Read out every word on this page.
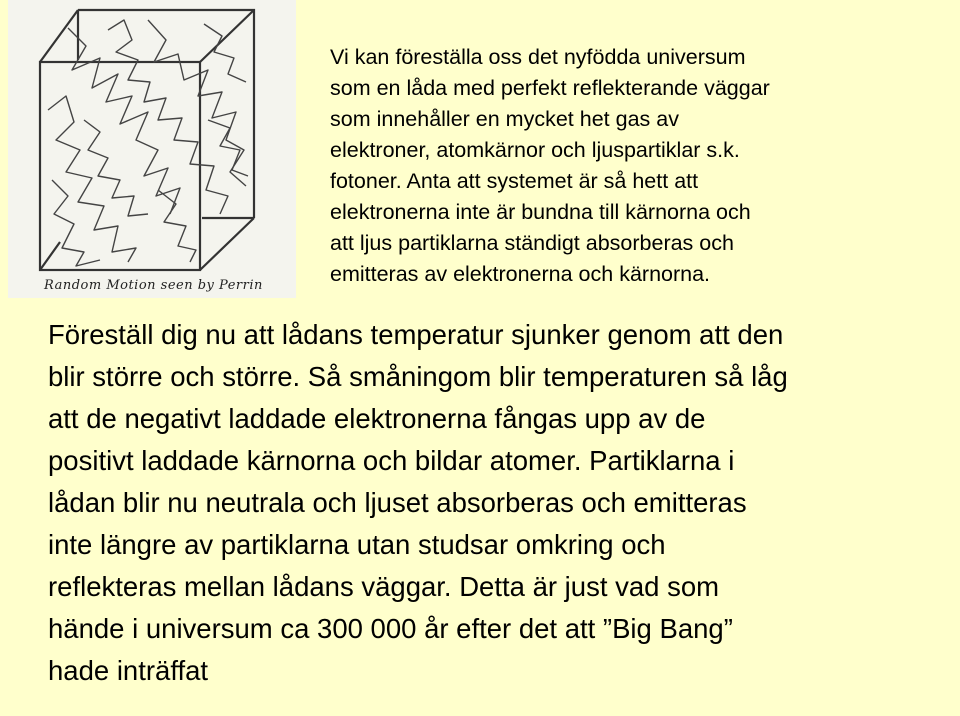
Random Motion seen by Perrin

Vi kan föreställa oss det nyfödda universum
som en låda med perfekt reflekterande väggar
som innehåller en mycket het gas av
elektroner, atomkärnor och ljuspartiklar s.k.
fotoner. Anta att systemet är så hett att
elektronerna inte är bundna till kärnorna och
att ljus partiklarna ständigt absorberas och
emitteras av elektronerna och kärnorna.

Föreställ dig nu att lådans temperatur sjunker genom att den
blir större och större. Så småningom blir temperaturen så låg
att de negativt laddade elektronerna fångas upp av de
positivt laddade kärnorna och bildar atomer. Partiklarna i
lådan blir nu neutrala och ljuset absorberas och emitteras
inte längre av partiklarna utan studsar omkring och
reflekteras mellan lådans väggar. Detta är just vad som
hände i universum ca 300 000 år efter det att ”Big Bang”
hade inträffat
